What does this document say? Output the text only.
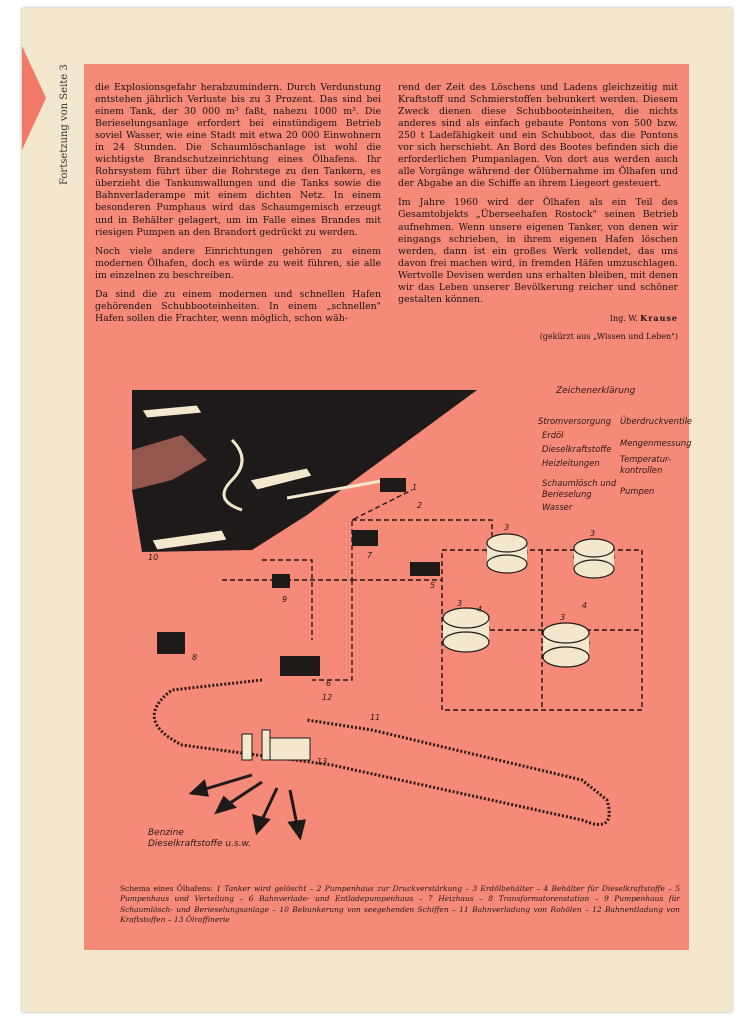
Fortsetzung von Seite 3	die Explosionsgefahr herabzumindern. Durch Verdunstung entstehen jährlich Verluste bis zu 3 Prozent. Das sind bei einem Tank, der 30 000 m³ faßt, nahezu 1000 m³. Die Berieselungsanlage erfordert bei einstündigem Betrieb soviel Wasser, wie eine Stadt mit etwa 20 000 Einwohnern in 24 Stunden. Die Schaumlöschanlage ist wohl die wichtigste Brandschutzeinrichtung eines Ölhafens. Ihr Rohrsystem führt über die Rohrstege zu den Tankern, es überzieht die Tankumwallungen und die Tanks sowie die Bahnverladerampe mit einem dichten Netz. In einem besonderen Pumphaus wird das Schaumgemisch erzeugt und in Behälter gelagert, um im Falle eines Brandes mit riesigen Pumpen an den Brandort gedrückt zu werden.

Noch viele andere Einrichtungen gehören zu einem modernen Ölhafen, doch es würde zu weit führen, sie alle im einzelnen zu beschreiben.

Da sind die zu einem modernen und schnellen Hafen gehörenden Schubbooteinheiten. In einem „schnellen" Hafen sollen die Frachter, wenn möglich, schon wäh-

rend der Zeit des Löschens und Ladens gleichzeitig mit Kraftstoff und Schmierstoffen bebunkert werden. Diesem Zweck dienen diese Schubbooteinheiten, die nichts anderes sind als einfach gebaute Pontons von 500 bzw. 250 t Ladefähigkeit und ein Schubboot, das die Pontons vor sich herschiebt. An Bord des Bootes befinden sich die erforderlichen Pumpanlagen. Von dort aus werden auch alle Vorgänge während der Ölübernahme im Ölhafen und der Abgabe an die Schiffe an ihrem Liegeort gesteuert.

Im Jahre 1960 wird der Ölhafen als ein Teil des Gesamtobjekts „Überseehafen Rostock" seinen Betrieb aufnehmen. Wenn unsere eigenen Tanker, von denen wir eingangs schrieben, in ihrem eigenen Hafen löschen werden, dann ist ein großes Werk vollendet, das uns davon frei machen wird, in fremden Häfen umzuschlagen. Wertvolle Devisen werden uns erhalten bleiben, mit denen wir das Leben unserer Bevölkerung reicher und schöner gestalten können.

Ing. W. Krause

(gekürzt aus „Wissen und Leben")

1
2
3
3
3
3
4	4
5
6
7
8
9
10
11
12
13
Zeichenerklärung
Stromversorgung Überdruckventile
Erdöl
Mengenmessung
Dieselkraftstoffe
Temperatur-
kontrollen
Heizleitungen
Schaumlösch und
Berieselung	Pumpen
Wasser
Benzine
Dieselkraftstoffe u.s.w.
Schema eines Ölhafens: 1 Tanker wird gelöscht – 2 Pumpenhaus zur Druckverstärkung – 3 Erdölbehälter – 4 Behälter für Dieselkraftstoffe – 5 Pumpenhaus und Verteilung – 6 Bahnverlade- und Entladepumpenhaus – 7 Heizhaus – 8 Transformatorenstation – 9 Pumpenhaus für Schaumlösch- und Berieselungsanlage – 10 Bebunkerung von seegehenden Schiffen – 11 Bahnverladung von Rohölen – 12 Bahnentladung von Kraftstoffen – 13 Ölraffinerie
